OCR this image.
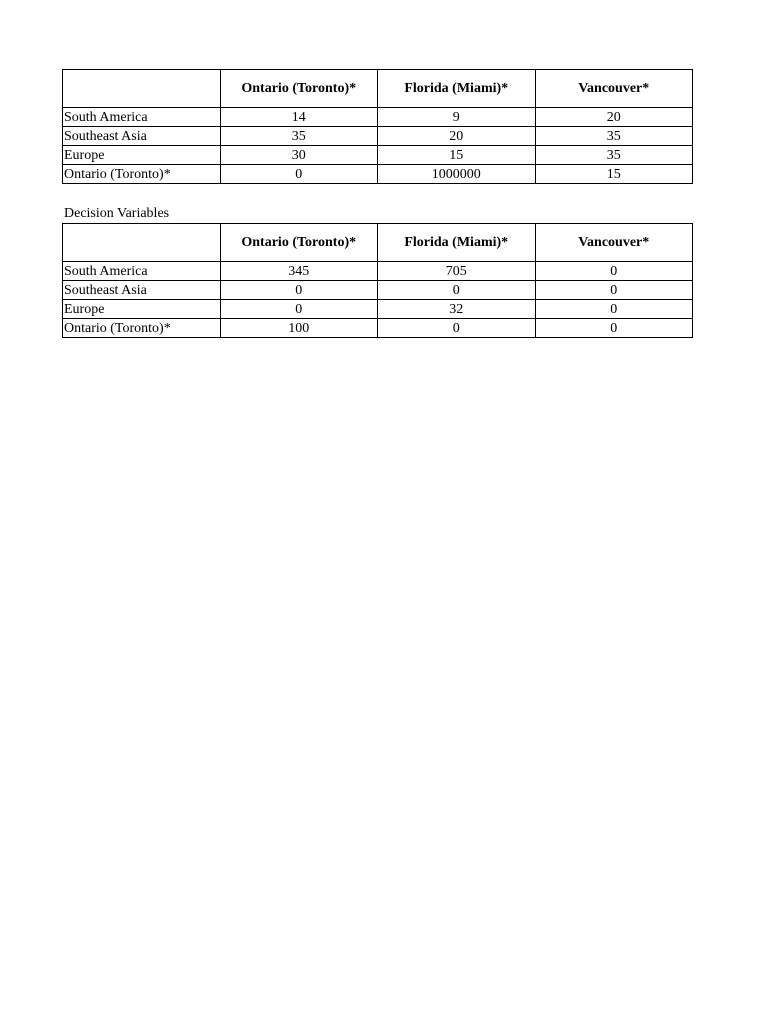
	Ontario (Toronto)*	Florida (Miami)*	Vancouver*
South America	14	9	20
Southeast Asia	35	20	35
Europe	30	15	35
Ontario (Toronto)*	0	1000000	15
Decision Variables
	Ontario (Toronto)*	Florida (Miami)*	Vancouver*
South America	345	705	0
Southeast Asia	0	0	0
Europe	0	32	0
Ontario (Toronto)*	100	0	0
